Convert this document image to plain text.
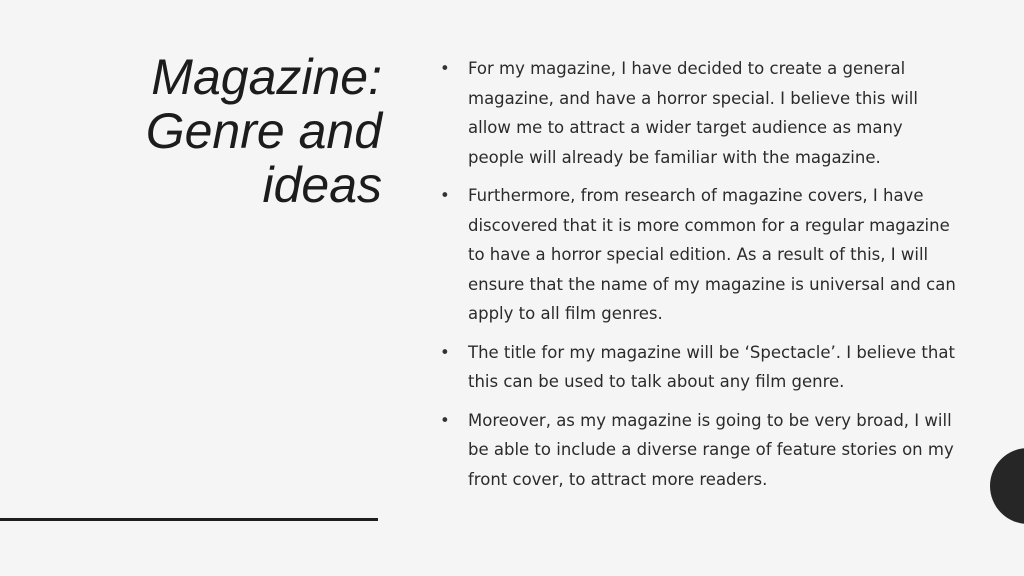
Magazine:
Genre and
ideas
• For my magazine, I have decided to create a general magazine, and have a horror special. I believe this will allow me to attract a wider target audience as many people will already be familiar with the magazine.
• Furthermore, from research of magazine covers, I have discovered that it is more common for a regular magazine to have a horror special edition. As a result of this, I will ensure that the name of my magazine is universal and can apply to all film genres.
• The title for my magazine will be ‘Spectacle’. I believe that this can be used to talk about any film genre.
• Moreover, as my magazine is going to be very broad, I will be able to include a diverse range of feature stories on my front cover, to attract more readers.
